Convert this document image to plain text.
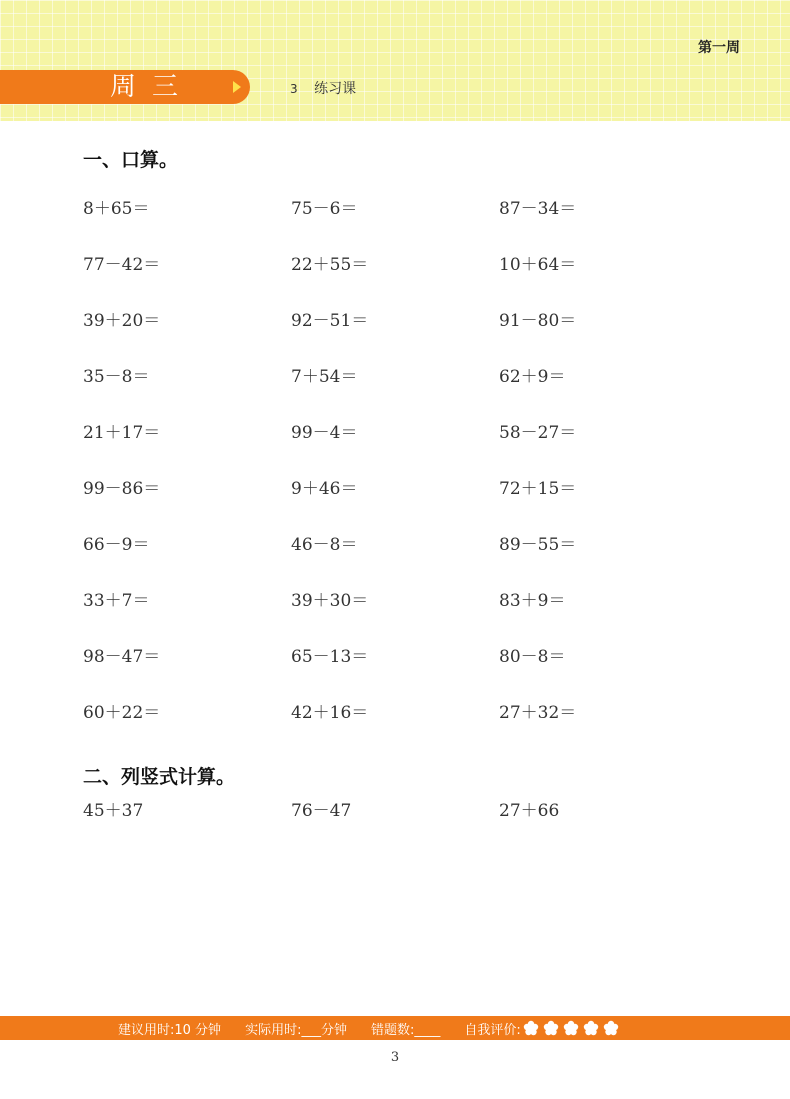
第一周
周三	3 练习课
一、口算。
8＋65＝	75－6＝	87－34＝
77－42＝	22＋55＝	10＋64＝
39＋20＝	92－51＝	91－80＝
35－8＝	7＋54＝	62＋9＝
21＋17＝	99－4＝	58－27＝
99－86＝	9＋46＝	72＋15＝
66－9＝	46－8＝	89－55＝
33＋7＝	39＋30＝	83＋9＝
98－47＝	65－13＝	80－8＝
60＋22＝	42＋16＝	27＋32＝
二、列竖式计算。
45＋37	76－47	27＋66
建议用时:10 分钟 实际用时:___分钟 错题数:____ 自我评价:
3
